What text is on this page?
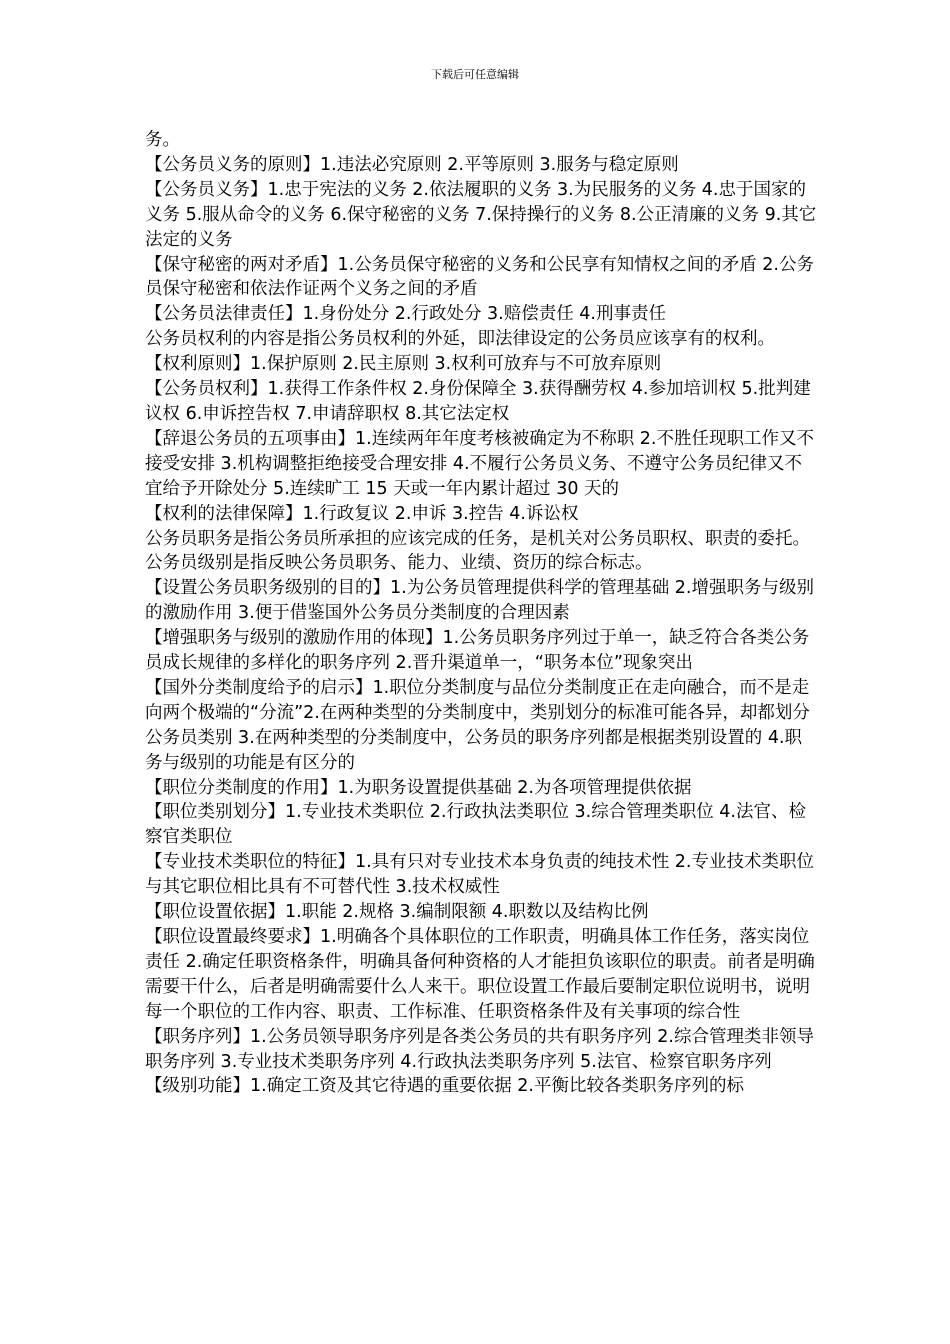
下载后可任意编辑

务。

【公务员义务的原则】1.违法必究原则 2.平等原则 3.服务与稳定原则

【公务员义务】1.忠于宪法的义务 2.依法履职的义务 3.为民服务的义务 4.忠于国家的义务 5.服从命令的义务 6.保守秘密的义务 7.保持操行的义务 8.公正清廉的义务 9.其它法定的义务

【保守秘密的两对矛盾】1.公务员保守秘密的义务和公民享有知情权之间的矛盾 2.公务员保守秘密和依法作证两个义务之间的矛盾

【公务员法律责任】1.身份处分 2.行政处分 3.赔偿责任 4.刑事责任

公务员权利的内容是指公务员权利的外延，即法律设定的公务员应该享有的权利。

【权利原则】1.保护原则 2.民主原则 3.权利可放弃与不可放弃原则

【公务员权利】1.获得工作条件权 2.身份保障全 3.获得酬劳权 4.参加培训权 5.批判建议权 6.申诉控告权 7.申请辞职权 8.其它法定权

【辞退公务员的五项事由】1.连续两年年度考核被确定为不称职 2.不胜任现职工作又不接受安排 3.机构调整拒绝接受合理安排 4.不履行公务员义务、不遵守公务员纪律又不宜给予开除处分 5.连续旷工 15 天或一年内累计超过 30 天的

【权利的法律保障】1.行政复议 2.申诉 3.控告 4.诉讼权

公务员职务是指公务员所承担的应该完成的任务，是机关对公务员职权、职责的委托。

公务员级别是指反映公务员职务、能力、业绩、资历的综合标志。

【设置公务员职务级别的目的】1.为公务员管理提供科学的管理基础 2.增强职务与级别的激励作用 3.便于借鉴国外公务员分类制度的合理因素

【增强职务与级别的激励作用的体现】1.公务员职务序列过于单一，缺乏符合各类公务员成长规律的多样化的职务序列 2.晋升渠道单一，“职务本位”现象突出

【国外分类制度给予的启示】1.职位分类制度与品位分类制度正在走向融合，而不是走向两个极端的“分流”2.在两种类型的分类制度中，类别划分的标准可能各异，却都划分公务员类别 3.在两种类型的分类制度中，公务员的职务序列都是根据类别设置的 4.职务与级别的功能是有区分的

【职位分类制度的作用】1.为职务设置提供基础 2.为各项管理提供依据

【职位类别划分】1.专业技术类职位 2.行政执法类职位 3.综合管理类职位 4.法官、检察官类职位

【专业技术类职位的特征】1.具有只对专业技术本身负责的纯技术性 2.专业技术类职位与其它职位相比具有不可替代性 3.技术权威性

【职位设置依据】1.职能 2.规格 3.编制限额 4.职数以及结构比例

【职位设置最终要求】1.明确各个具体职位的工作职责，明确具体工作任务，落实岗位责任 2.确定任职资格条件，明确具备何种资格的人才能担负该职位的职责。前者是明确需要干什么，后者是明确需要什么人来干。职位设置工作最后要制定职位说明书，说明每一个职位的工作内容、职责、工作标准、任职资格条件及有关事项的综合性

【职务序列】1.公务员领导职务序列是各类公务员的共有职务序列 2.综合管理类非领导职务序列 3.专业技术类职务序列 4.行政执法类职务序列 5.法官、检察官职务序列

【级别功能】1.确定工资及其它待遇的重要依据 2.平衡比较各类职务序列的标
